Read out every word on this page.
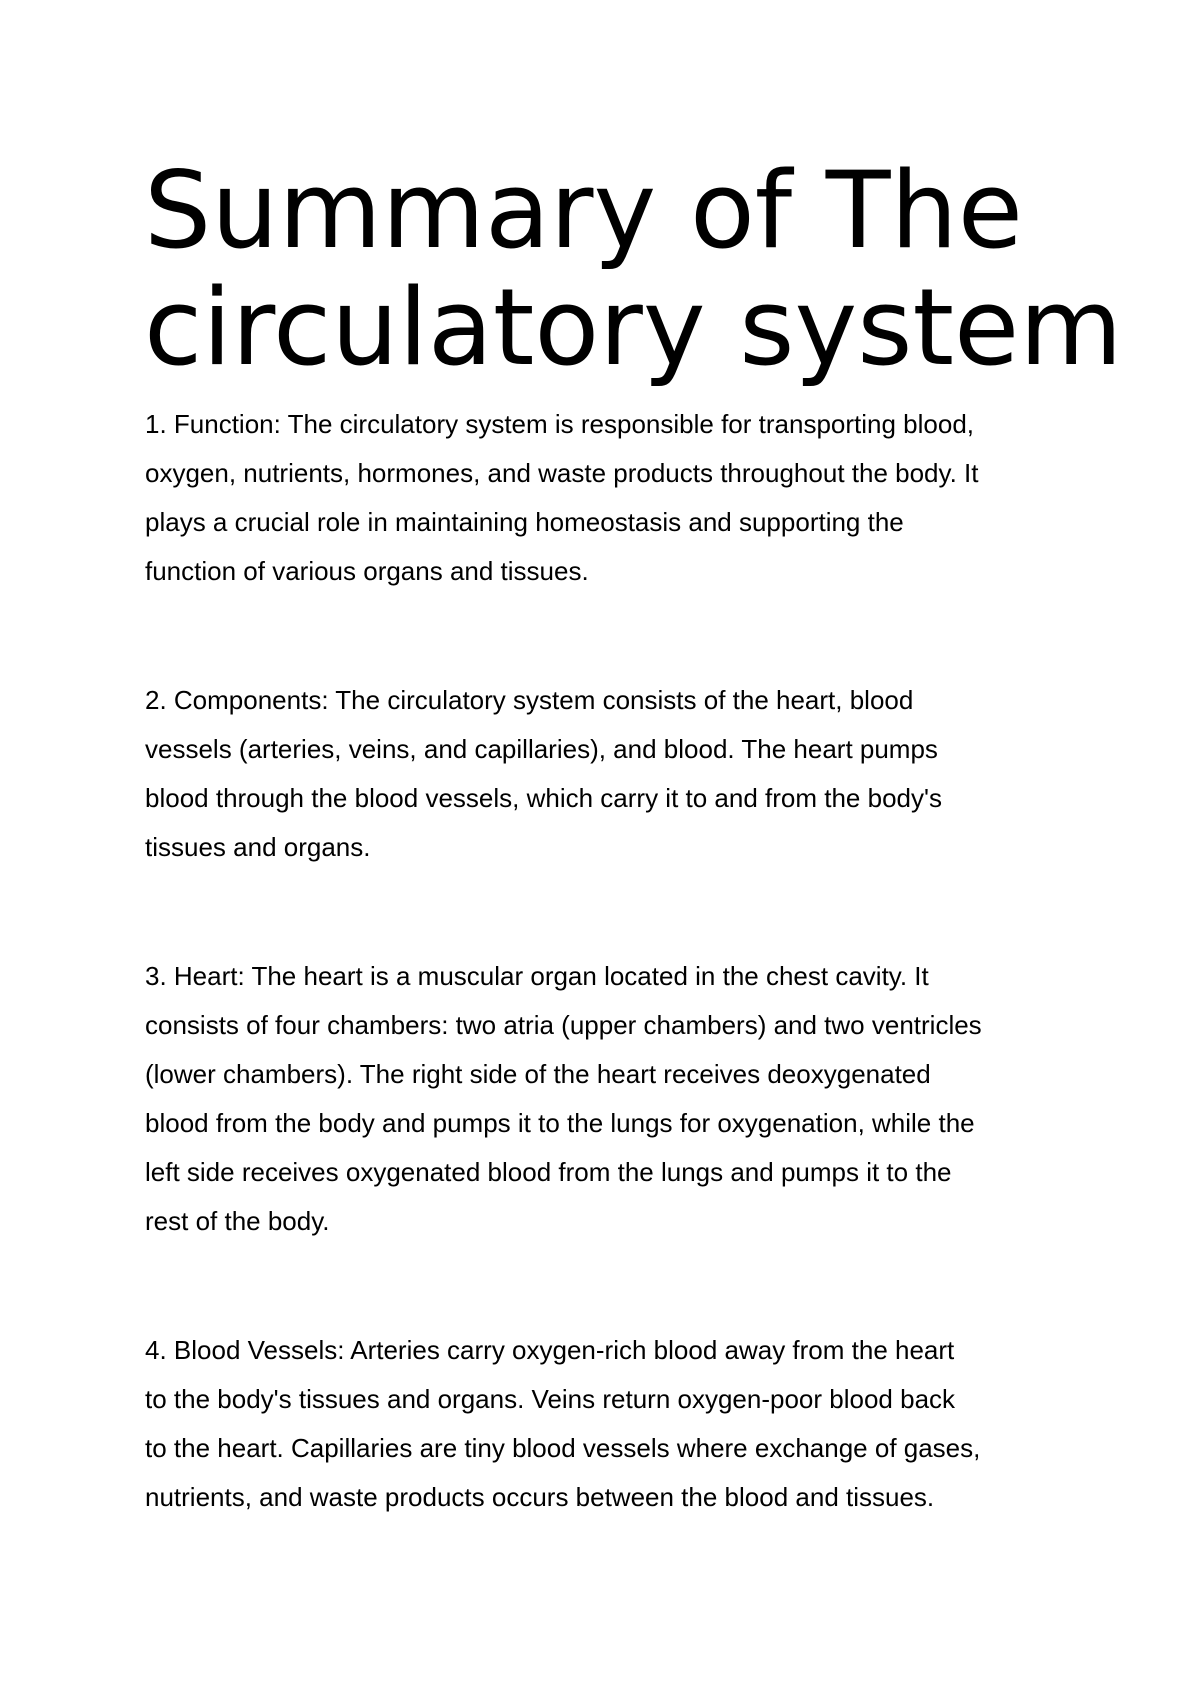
Summary of The
circulatory system

1. Function: The circulatory system is responsible for transporting blood,
oxygen, nutrients, hormones, and waste products throughout the body. It
plays a crucial role in maintaining homeostasis and supporting the
function of various organs and tissues.

2. Components: The circulatory system consists of the heart, blood
vessels (arteries, veins, and capillaries), and blood. The heart pumps
blood through the blood vessels, which carry it to and from the body's
tissues and organs.

3. Heart: The heart is a muscular organ located in the chest cavity. It
consists of four chambers: two atria (upper chambers) and two ventricles
(lower chambers). The right side of the heart receives deoxygenated
blood from the body and pumps it to the lungs for oxygenation, while the
left side receives oxygenated blood from the lungs and pumps it to the
rest of the body.

4. Blood Vessels: Arteries carry oxygen-rich blood away from the heart
to the body's tissues and organs. Veins return oxygen-poor blood back
to the heart. Capillaries are tiny blood vessels where exchange of gases,
nutrients, and waste products occurs between the blood and tissues.
